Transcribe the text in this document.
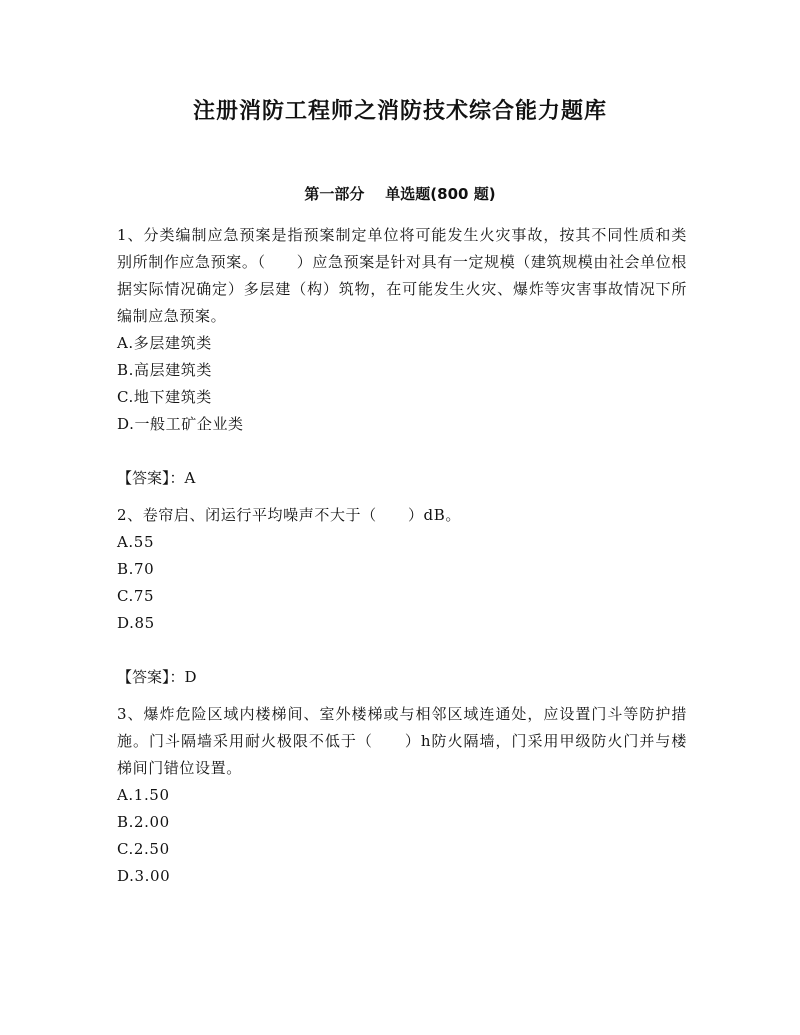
注册消防工程师之消防技术综合能力题库
第一部分    单选题(800 题)

1、分类编制应急预案是指预案制定单位将可能发生火灾事故，按其不同性质和类别所制作应急预案。（　　）应急预案是针对具有一定规模（建筑规模由社会单位根据实际情况确定）多层建（构）筑物，在可能发生火灾、爆炸等灾害事故情况下所编制应急预案。

A.多层建筑类

B.高层建筑类

C.地下建筑类

D.一般工矿企业类

【答案】：A

2、卷帘启、闭运行平均噪声不大于（　　）dB。

A.55

B.70

C.75

D.85

【答案】：D

3、爆炸危险区域内楼梯间、室外楼梯或与相邻区域连通处，应设置门斗等防护措施。门斗隔墙采用耐火极限不低于（　　）h防火隔墙，门采用甲级防火门并与楼梯间门错位设置。

A.1.50

B.2.00

C.2.50

D.3.00
